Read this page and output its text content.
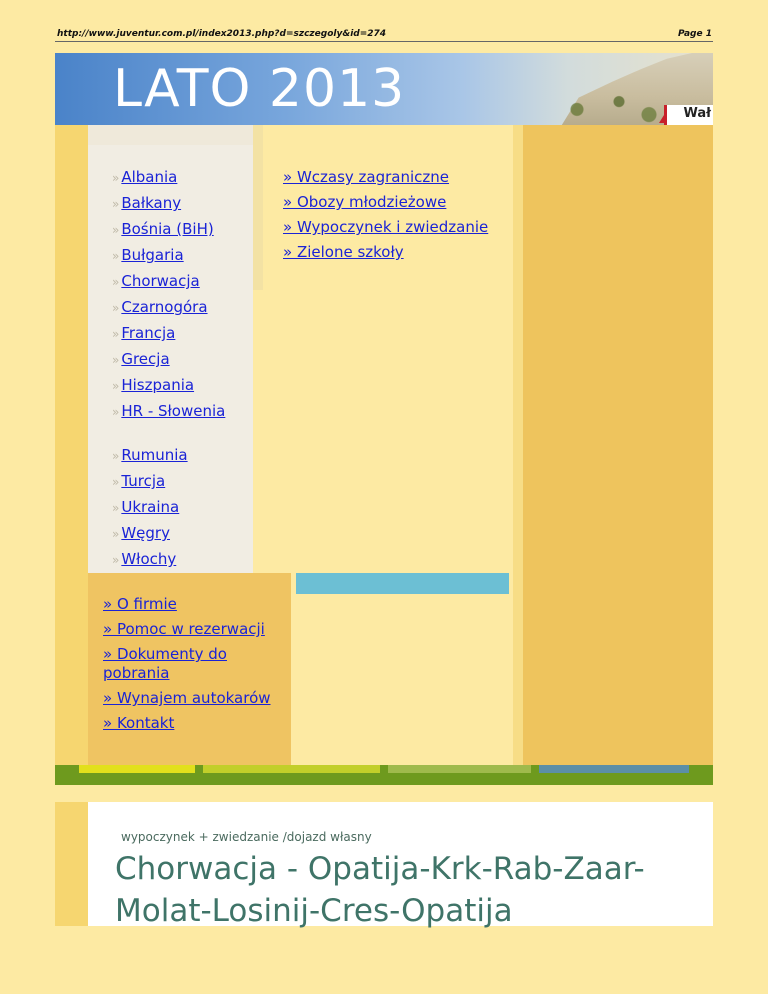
http://www.juventur.com.pl/index2013.php?d=szczegoly&id=274	Page 1
LATO 2013	Wał
» Albania
» Bałkany
» Bośnia (BiH)
» Bułgaria
» Chorwacja
» Czarnogóra
» Francja
» Grecja
» Hiszpania
» HR - Słowenia
» Rumunia
» Turcja
» Ukraina
» Węgry
» Włochy
» Wczasy zagraniczne
» Obozy młodzieżowe
» Wypoczynek i zwiedzanie
» Zielone szkoły
» O firmie
» Pomoc w rezerwacji
» Dokumenty do pobrania
» Wynajem autokarów
» Kontakt
wypoczynek + zwiedzanie /dojazd własny
Chorwacja - Opatija-Krk-Rab-Zaar-Molat-Losinij-Cres-Opatija
